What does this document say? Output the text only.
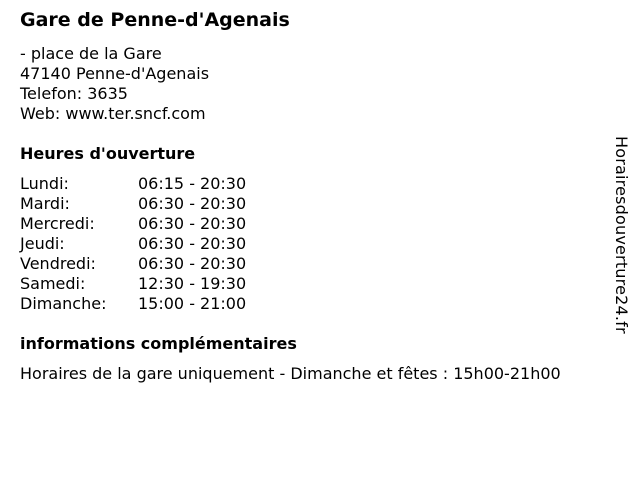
Gare de Penne-d'Agenais
- place de la Gare
47140 Penne-d'Agenais
Telefon: 3635
Web: www.ter.sncf.com
Heures d'ouverture
Lundi:	06:15 - 20:30
Mardi:	06:30 - 20:30
Mercredi:	06:30 - 20:30
Jeudi:	06:30 - 20:30
Vendredi:	06:30 - 20:30
Samedi:	12:30 - 19:30
Dimanche: 15:00 - 21:00
informations complémentaires
Horaires de la gare uniquement - Dimanche et fêtes : 15h00-21h00
Horairesdouverture24.fr
